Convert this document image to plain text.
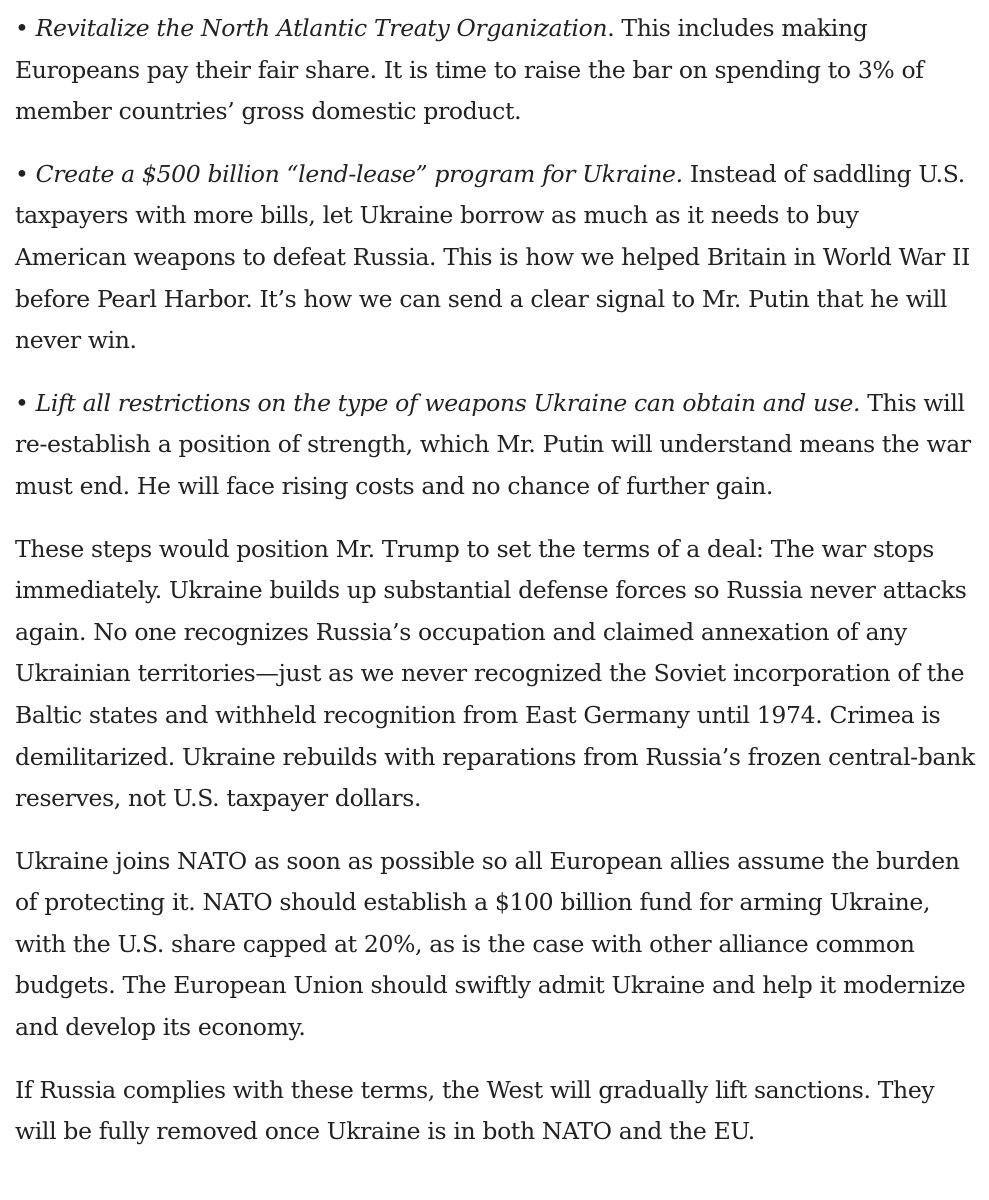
• Revitalize the North Atlantic Treaty Organization. This includes making Europeans pay their fair share. It is time to raise the bar on spending to 3% of member countries’ gross domestic product.

• Create a $500 billion “lend-lease” program for Ukraine. Instead of saddling U.S. taxpayers with more bills, let Ukraine borrow as much as it needs to buy American weapons to defeat Russia. This is how we helped Britain in World War II before Pearl Harbor. It’s how we can send a clear signal to Mr. Putin that he will never win.

• Lift all restrictions on the type of weapons Ukraine can obtain and use. This will re-establish a position of strength, which Mr. Putin will understand means the war must end. He will face rising costs and no chance of further gain.

These steps would position Mr. Trump to set the terms of a deal: The war stops immediately. Ukraine builds up substantial defense forces so Russia never attacks again. No one recognizes Russia’s occupation and claimed annexation of any Ukrainian territories—just as we never recognized the Soviet incorporation of the Baltic states and withheld recognition from East Germany until 1974. Crimea is demilitarized. Ukraine rebuilds with reparations from Russia’s frozen central-bank reserves, not U.S. taxpayer dollars.

Ukraine joins NATO as soon as possible so all European allies assume the burden of protecting it. NATO should establish a $100 billion fund for arming Ukraine, with the U.S. share capped at 20%, as is the case with other alliance common budgets. The European Union should swiftly admit Ukraine and help it modernize and develop its economy.

If Russia complies with these terms, the West will gradually lift sanctions. They will be fully removed once Ukraine is in both NATO and the EU.
